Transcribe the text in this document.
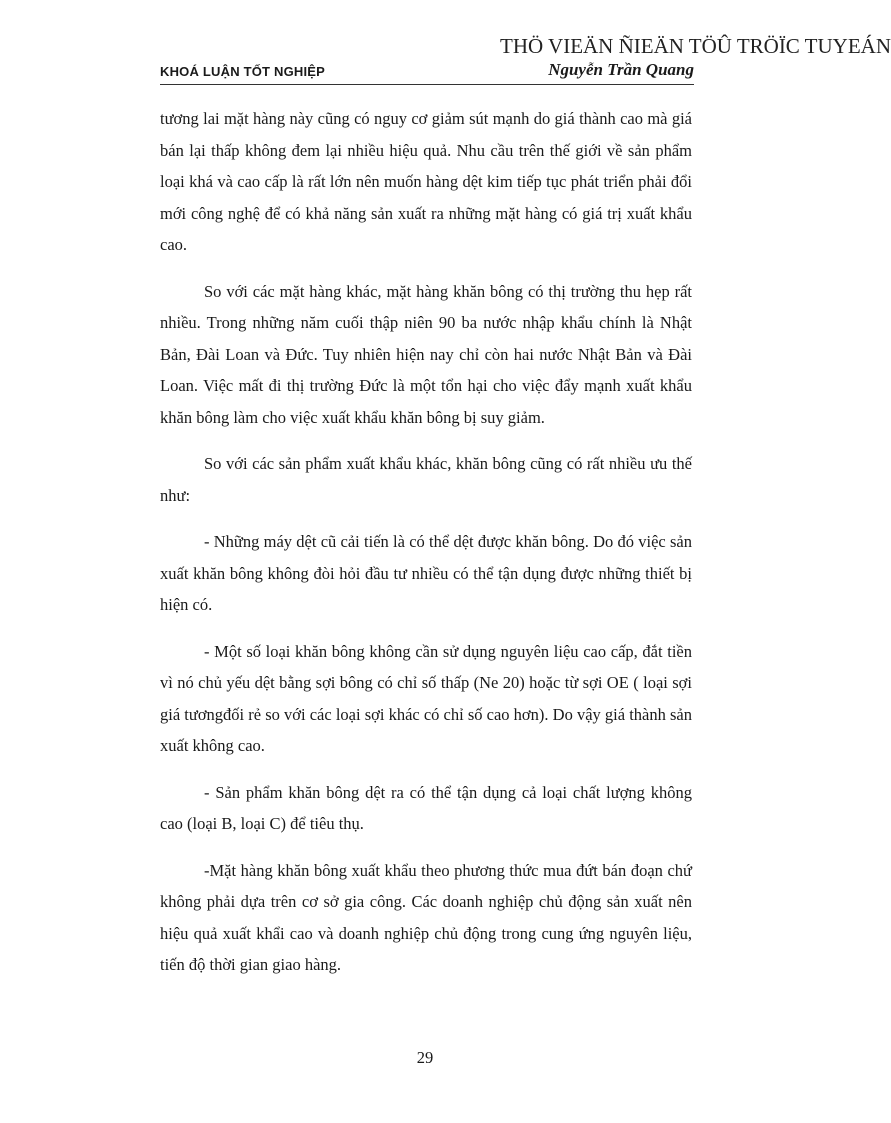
THÖ VIEÄN ÑIEÄN TÖÛ TRÖÏC TUYEÁN
KHOÁ LUẬN TỐT NGHIỆP	Nguyễn Trần Quang

tương lai mặt hàng này cũng có nguy cơ giảm sút mạnh do giá thành cao mà giá bán lại thấp không đem lại nhiều hiệu quả. Nhu cầu trên thế giới về sản phẩm loại khá và cao cấp là rất lớn nên muốn hàng dệt kim tiếp tục phát triển phải đổi mới công nghệ để có khả năng sản xuất ra những mặt hàng có giá trị xuất khẩu cao.

So với các mặt hàng khác, mặt hàng khăn bông có thị trường thu hẹp rất nhiều. Trong những năm cuối thập niên 90 ba nước nhập khẩu chính là Nhật Bản, Đài Loan và Đức. Tuy nhiên hiện nay chỉ còn hai nước Nhật Bản và Đài Loan. Việc mất đi thị trường Đức là một tổn hại cho việc đẩy mạnh xuất khẩu khăn bông làm cho việc xuất khẩu khăn bông bị suy giảm.

So với các sản phẩm xuất khẩu khác, khăn bông cũng có rất nhiều ưu thế như:

- Những máy dệt cũ cải tiến là có thể dệt được khăn bông. Do đó việc sản xuất khăn bông không đòi hỏi đầu tư nhiều có thể tận dụng được những thiết bị hiện có.

- Một số loại khăn bông không cần sử dụng nguyên liệu cao cấp, đắt tiền vì nó chủ yếu dệt bằng sợi bông có chỉ số thấp (Ne 20) hoặc từ sợi OE ( loại sợi giá tươngđối rẻ so với các loại sợi khác có chỉ số cao hơn). Do vậy giá thành sản xuất không cao.

- Sản phẩm khăn bông dệt ra có thể tận dụng cả loại chất lượng không cao (loại B, loại C) để tiêu thụ.

-Mặt hàng khăn bông xuất khẩu theo phương thức mua đứt bán đoạn chứ không phải dựa trên cơ sở gia công. Các doanh nghiệp chủ động sản xuất nên hiệu quả xuất khẩi cao và doanh nghiệp chủ động trong cung ứng nguyên liệu, tiến độ thời gian giao hàng.

29
